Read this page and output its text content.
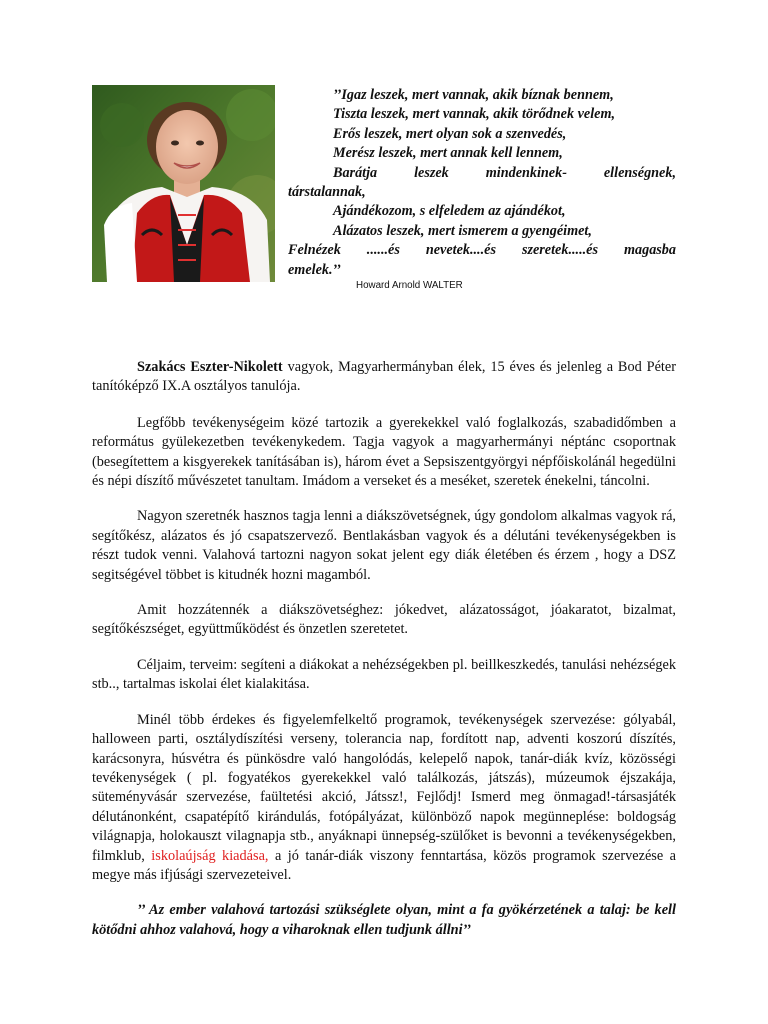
’’Igaz leszek, mert vannak, akik bíznak bennem,
Tiszta leszek, mert vannak, akik törődnek velem,
Erős leszek, mert olyan sok a szenvedés,
Merész leszek, mert annak kell lennem,
Barátja leszek mindenkinek- ellenségnek,
társtalannak,
Ajándékozom, s elfeledem az ajándékot,
Alázatos leszek, mert ismerem a gyengéimet,
Felnézek ......és nevetek....és szeretek.....és magasba
emelek.’’
Howard Arnold WALTER

Szakács Eszter-Nikolett vagyok, Magyarhermányban élek, 15 éves és jelenleg a Bod Péter tanítóképző IX.A osztályos tanulója.

Legfőbb tevékenységeim közé tartozik a gyerekekkel való foglalkozás, szabadidőmben a református gyülekezetben tevékenykedem. Tagja vagyok a magyarhermányi néptánc csoportnak (besegítettem a kisgyerekek tanításában is), három évet a Sepsiszentgyörgyi népfőiskolánál hegedülni és népi díszítő művészetet tanultam. Imádom a verseket és a meséket, szeretek énekelni, táncolni.

Nagyon szeretnék hasznos tagja lenni a diákszövetségnek, úgy gondolom alkalmas vagyok rá, segítőkész, alázatos és jó csapatszervező. Bentlakásban vagyok és a délutáni tevékenységekben is részt tudok venni. Valahová tartozni nagyon sokat jelent egy diák életében és érzem , hogy a DSZ segitségével többet is kitudnék hozni magamból.

Amit hozzátennék a diákszövetséghez: jókedvet, alázatosságot, jóakaratot, bizalmat, segítőkészséget, együttműködést és önzetlen szeretetet.

Céljaim, terveim: segíteni a diákokat a nehézségekben pl. beillkeszkedés, tanulási nehézségek stb.., tartalmas iskolai élet kialakitása.

Minél több érdekes és figyelemfelkeltő programok, tevékenységek szervezése: gólyabál, halloween parti, osztálydíszítési verseny, tolerancia nap, fordított nap, adventi koszorú díszítés, karácsonyra, húsvétra és pünkösdre való hangolódás, kelepelő napok, tanár-diák kvíz, közösségi tevékenységek ( pl. fogyatékos gyerekekkel való találkozás, játszás), múzeumok éjszakája, süteményvásár szervezése, faültetési akció, Játssz!, Fejlődj! Ismerd meg önmagad!-társasjáték délutánonként, csapatépítő kirándulás, fotópályázat, különböző napok megünneplése: boldogság világnapja, holokauszt vilagnapja stb., anyáknapi ünnepség-szülőket is bevonni a tevékenységekben, filmklub, iskolaújság kiadása, a jó tanár-diák viszony fenntartása, közös programok szervezése a megye más ifjúsági szervezeteivel.

’’ Az ember valahová tartozási szükséglete olyan, mint a fa gyökérzetének a talaj: be kell kötődni ahhoz valahová, hogy a viharoknak ellen tudjunk állni’’
